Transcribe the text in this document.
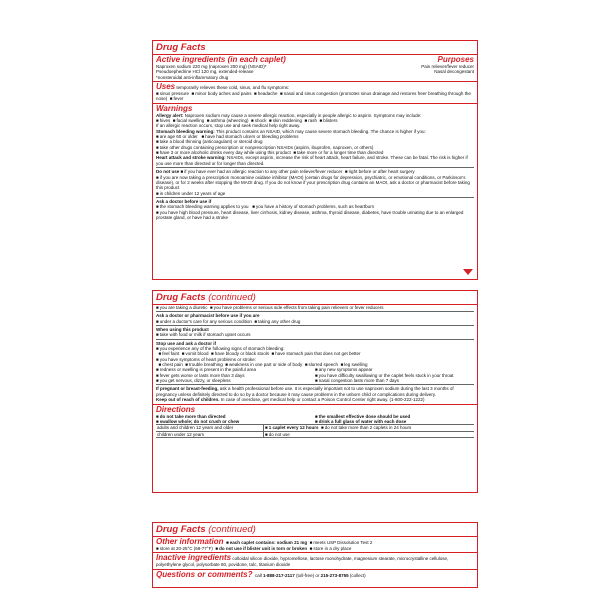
Drug Facts
Active ingredients (in each caplet)	Purposes
Naproxen sodium 220 mg (naproxen 200 mg) (NSAID)*	Pain reliever/fever reducer
Pseudoephedrine HCl 120 mg, extended-release	Nasal decongestant
*nonsteroidal anti-inflammatory drug
Uses temporarily relieves these cold, sinus, and flu symptoms:
■ sinus pressure ■ minor body aches and pains ■ headache ■ nasal and sinus congestion (promotes sinus drainage and restores freer breathing through the nose) ■ fever
Warnings
Allergy alert: Naproxen sodium may cause a severe allergic reaction, especially in people allergic to aspirin. Symptoms may include:
■ hives ■ facial swelling ■ asthma (wheezing) ■ shock ■ skin reddening ■ rash ■ blisters
If an allergic reaction occurs, stop use and seek medical help right away.
Stomach bleeding warning: This product contains an NSAID, which may cause severe stomach bleeding. The chance is higher if you:
■ are age 60 or older ■ have had stomach ulcers or bleeding problems
■ take a blood thinning (anticoagulant) or steroid drug
■ take other drugs containing prescription or nonprescription NSAIDs (aspirin, ibuprofen, naproxen, or others)
■ have 3 or more alcoholic drinks every day while using this product ■ take more or for a longer time than directed
Heart attack and stroke warning: NSAIDs, except aspirin, increase the risk of heart attack, heart failure, and stroke. These can be fatal. The risk is higher if you use more than directed or for longer than directed.
Do not use ■ if you have ever had an allergic reaction to any other pain reliever/fever reducer ■ right before or after heart surgery
■ if you are now taking a prescription monoamine oxidase inhibitor (MAOI) (certain drugs for depression, psychiatric, or emotional conditions, or Parkinson's disease), or for 2 weeks after stopping the MAOI drug. If you do not know if your prescription drug contains an MAOI, ask a doctor or pharmacist before taking this product
■ in children under 12 years of age
Ask a doctor before use if
■ the stomach bleeding warning applies to you ■ you have a history of stomach problems, such as heartburn
■ you have high blood pressure, heart disease, liver cirrhosis, kidney disease, asthma, thyroid disease, diabetes, have trouble urinating due to an enlarged prostate gland, or have had a stroke
Drug Facts (continued)
■ you are taking a diuretic ■ you have problems or serious side effects from taking pain relievers or fever reducers
Ask a doctor or pharmacist before use if you are
■ under a doctor's care for any serious condition ■ taking any other drug
When using this product
■ take with food or milk if stomach upset occurs
Stop use and ask a doctor if
■ you experience any of the following signs of stomach bleeding:
■ feel faint ■ vomit blood ■ have bloody or black stools ■ have stomach pain that does not get better
■ you have symptoms of heart problems or stroke:
■ chest pain ■ trouble breathing ■ weakness in one part or side of body ■ slurred speech ■ leg swelling
■ redness or swelling is present in the painful area	■ any new symptoms appear
■ fever gets worse or lasts more than 3 days	■ you have difficulty swallowing or the caplet feels stuck in your throat
■ you get nervous, dizzy, or sleepless	■ nasal congestion lasts more than 7 days
If pregnant or breast-feeding, ask a health professional before use. It is especially important not to use naproxen sodium during the last 3 months of pregnancy unless definitely directed to do so by a doctor because it may cause problems in the unborn child or complications during delivery.
Keep out of reach of children. In case of overdose, get medical help or contact a Poison Control Center right away. (1-800-222-1222)
Directions
■ do not take more than directed	■ the smallest effective dose should be used
■ swallow whole; do not crush or chew	■ drink a full glass of water with each dose
adults and children 12 years and older	■ 1 caplet every 12 hours ■ do not take more than 2 caplets in 24 hours
children under 12 years	■ do not use
Drug Facts (continued)
Other information ■ each caplet contains: sodium 21 mg ■ meets USP Dissolution Test 2
■ store at 20-25°C (68-77°F) ■ do not use if blister unit is torn or broken ■ store in a dry place
Inactive ingredients colloidal silicon dioxide, hypromellose, lactose monohydrate, magnesium stearate, microcrystalline cellulose, polyethylene glycol, polysorbate 80, povidone, talc, titanium dioxide
Questions or comments? call 1-888-217-2117 (toll-free) or 215-273-8755 (collect)
